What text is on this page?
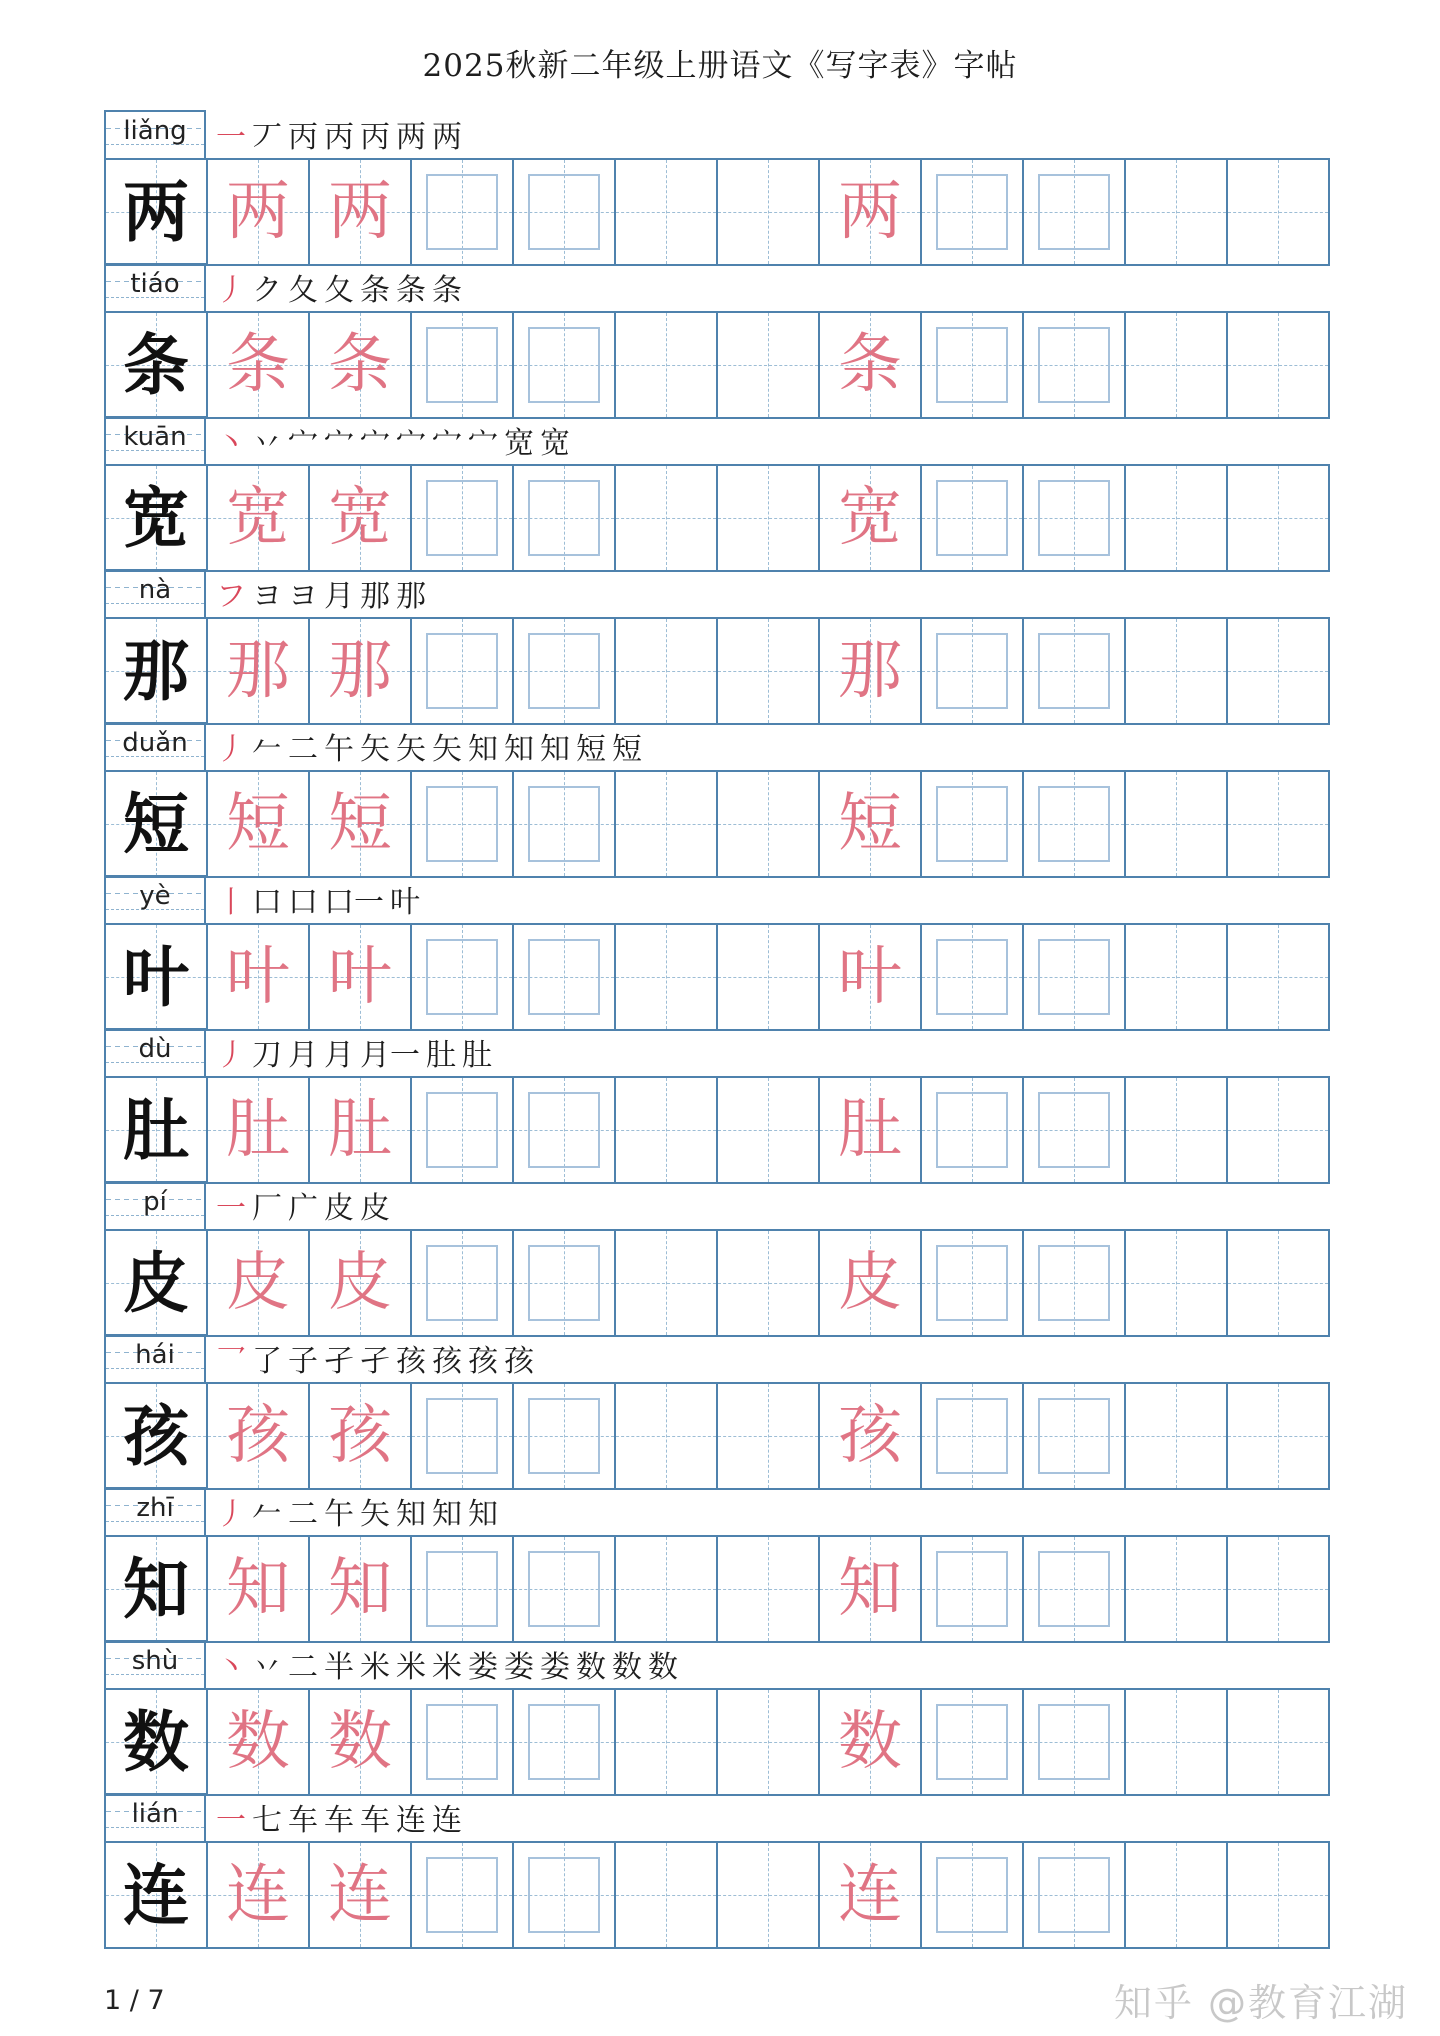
2025秋新二年级上册语文《写字表》字帖
liǎng 一 丆 丙 丙 丙 两 两
两 两 两	两
tiáo	丿 ク 夂 夂 条 条 条
条 条 条	条
kuān 丶 丷 宀 宀 宀 宀 宀 宀 宽 宽
宽 宽 宽	宽
nà	フ ヨ ヨ 月 那 那
那 那 那	那
duǎn 丿 𠂉 二 午 矢 矢 矢 知 知 知 短 短
短 短 短	短
yè	丨 口 口 口一 叶
叶 叶 叶	叶
dù	丿 刀 月 月 月一 肚 肚
肚 肚 肚	肚
pí	一 厂 广 皮 皮
皮 皮 皮	皮
hái	乛 了 子 孑 孑 孩 孩 孩 孩
孩 孩 孩	孩
zhī	丿 𠂉 二 午 矢 知 知 知
知 知 知	知
shù	丶 丷 二 半 米 米 米 娄 娄 娄 数 数 数
数 数 数	数
lián	一 七 车 车 车 连 连
连 连 连	连
1 / 7	知乎 @教育江湖
